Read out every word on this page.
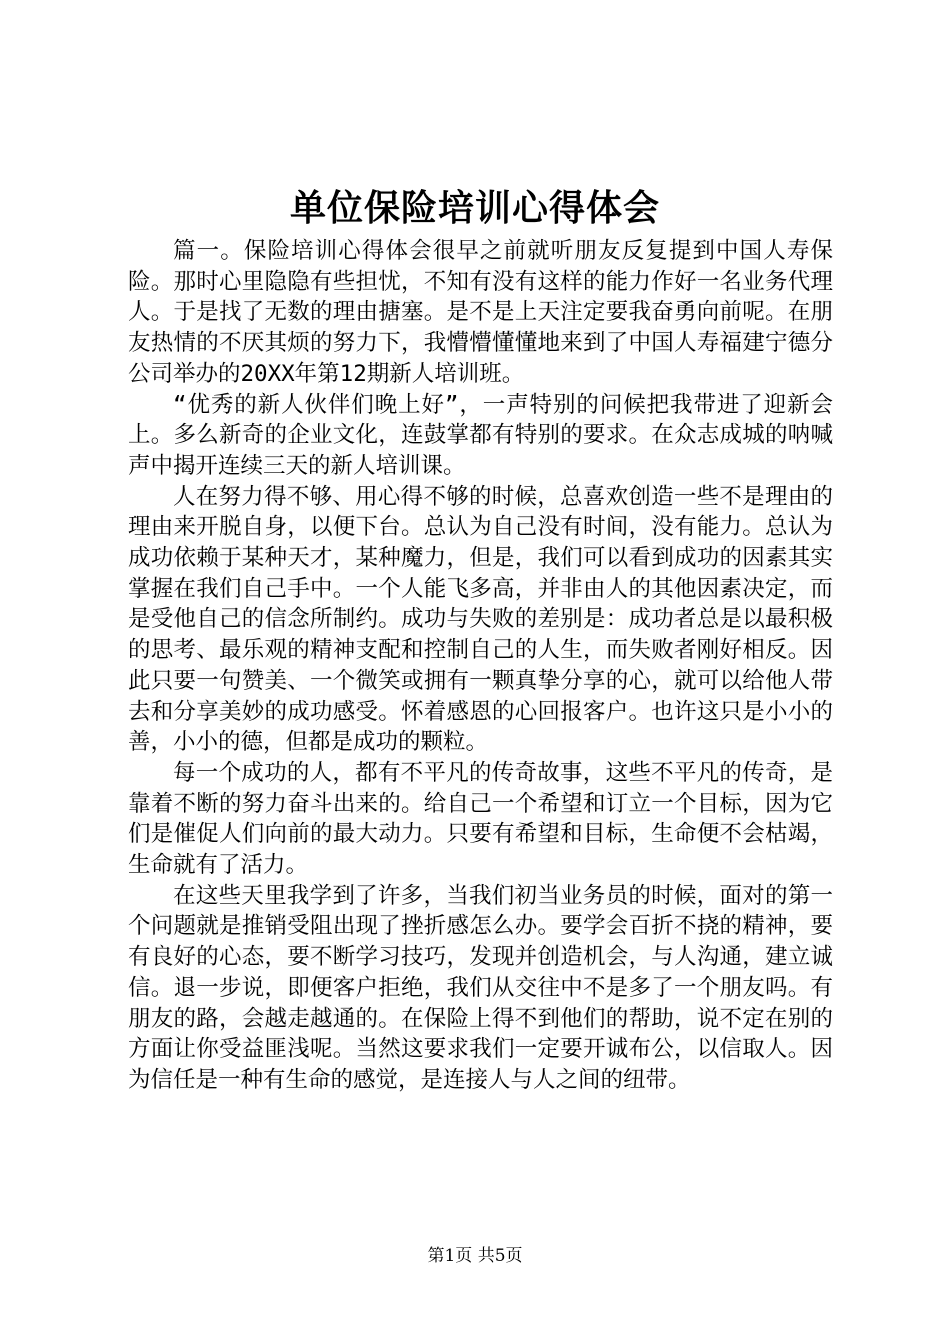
单位保险培训心得体会

篇一。保险培训心得体会很早之前就听朋友反复提到中国人寿保险。那时心里隐隐有些担忧，不知有没有这样的能力作好一名业务代理人。于是找了无数的理由搪塞。是不是上天注定要我奋勇向前呢。在朋友热情的不厌其烦的努力下，我懵懵懂懂地来到了中国人寿福建宁德分公司举办的20XX年第12期新人培训班。

“优秀的新人伙伴们晚上好”，一声特别的问候把我带进了迎新会上。多么新奇的企业文化，连鼓掌都有特别的要求。在众志成城的呐喊声中揭开连续三天的新人培训课。

人在努力得不够、用心得不够的时候，总喜欢创造一些不是理由的理由来开脱自身，以便下台。总认为自己没有时间，没有能力。总认为成功依赖于某种天才，某种魔力，但是，我们可以看到成功的因素其实掌握在我们自己手中。一个人能飞多高，并非由人的其他因素决定，而是受他自己的信念所制约。成功与失败的差别是：成功者总是以最积极的思考、最乐观的精神支配和控制自己的人生，而失败者刚好相反。因此只要一句赞美、一个微笑或拥有一颗真挚分享的心，就可以给他人带去和分享美妙的成功感受。怀着感恩的心回报客户。也许这只是小小的善，小小的德，但都是成功的颗粒。

每一个成功的人，都有不平凡的传奇故事，这些不平凡的传奇，是靠着不断的努力奋斗出来的。给自己一个希望和订立一个目标，因为它们是催促人们向前的最大动力。只要有希望和目标，生命便不会枯竭，生命就有了活力。

在这些天里我学到了许多，当我们初当业务员的时候，面对的第一个问题就是推销受阻出现了挫折感怎么办。要学会百折不挠的精神，要有良好的心态，要不断学习技巧，发现并创造机会，与人沟通，建立诚信。退一步说，即便客户拒绝，我们从交往中不是多了一个朋友吗。有朋友的路，会越走越通的。在保险上得不到他们的帮助，说不定在别的方面让你受益匪浅呢。当然这要求我们一定要开诚布公，以信取人。因为信任是一种有生命的感觉，是连接人与人之间的纽带。

第1页 共5页
